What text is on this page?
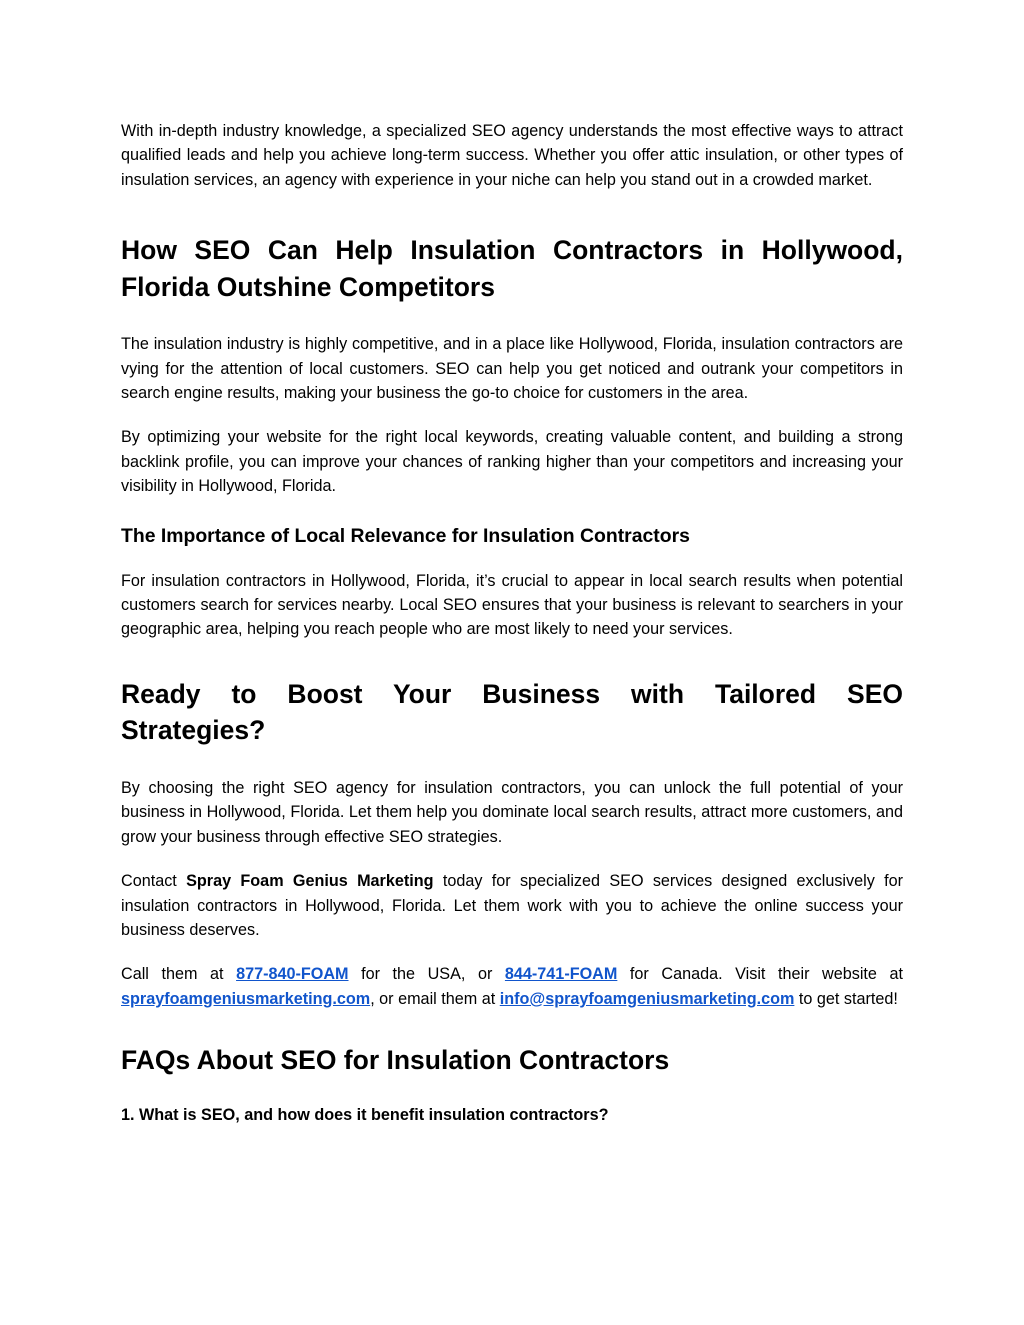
With in-depth industry knowledge, a specialized SEO agency understands the most effective ways to attract qualified leads and help you achieve long-term success. Whether you offer attic insulation, or other types of insulation services, an agency with experience in your niche can help you stand out in a crowded market.

How SEO Can Help Insulation Contractors in Hollywood, Florida Outshine Competitors

The insulation industry is highly competitive, and in a place like Hollywood, Florida, insulation contractors are vying for the attention of local customers. SEO can help you get noticed and outrank your competitors in search engine results, making your business the go-to choice for customers in the area.

By optimizing your website for the right local keywords, creating valuable content, and building a strong backlink profile, you can improve your chances of ranking higher than your competitors and increasing your visibility in Hollywood, Florida.

The Importance of Local Relevance for Insulation Contractors

For insulation contractors in Hollywood, Florida, it’s crucial to appear in local search results when potential customers search for services nearby. Local SEO ensures that your business is relevant to searchers in your geographic area, helping you reach people who are most likely to need your services.

Ready to Boost Your Business with Tailored SEO
Strategies?

By choosing the right SEO agency for insulation contractors, you can unlock the full potential of your business in Hollywood, Florida. Let them help you dominate local search results, attract more customers, and grow your business through effective SEO strategies.

Contact Spray Foam Genius Marketing today for specialized SEO services designed exclusively for insulation contractors in Hollywood, Florida. Let them work with you to achieve the online success your business deserves.

Call them at 877-840-FOAM for the USA, or 844-741-FOAM for Canada. Visit their website at sprayfoamgeniusmarketing.com, or email them at info@sprayfoamgeniusmarketing.com to get started!

FAQs About SEO for Insulation Contractors
1. What is SEO, and how does it benefit insulation contractors?
